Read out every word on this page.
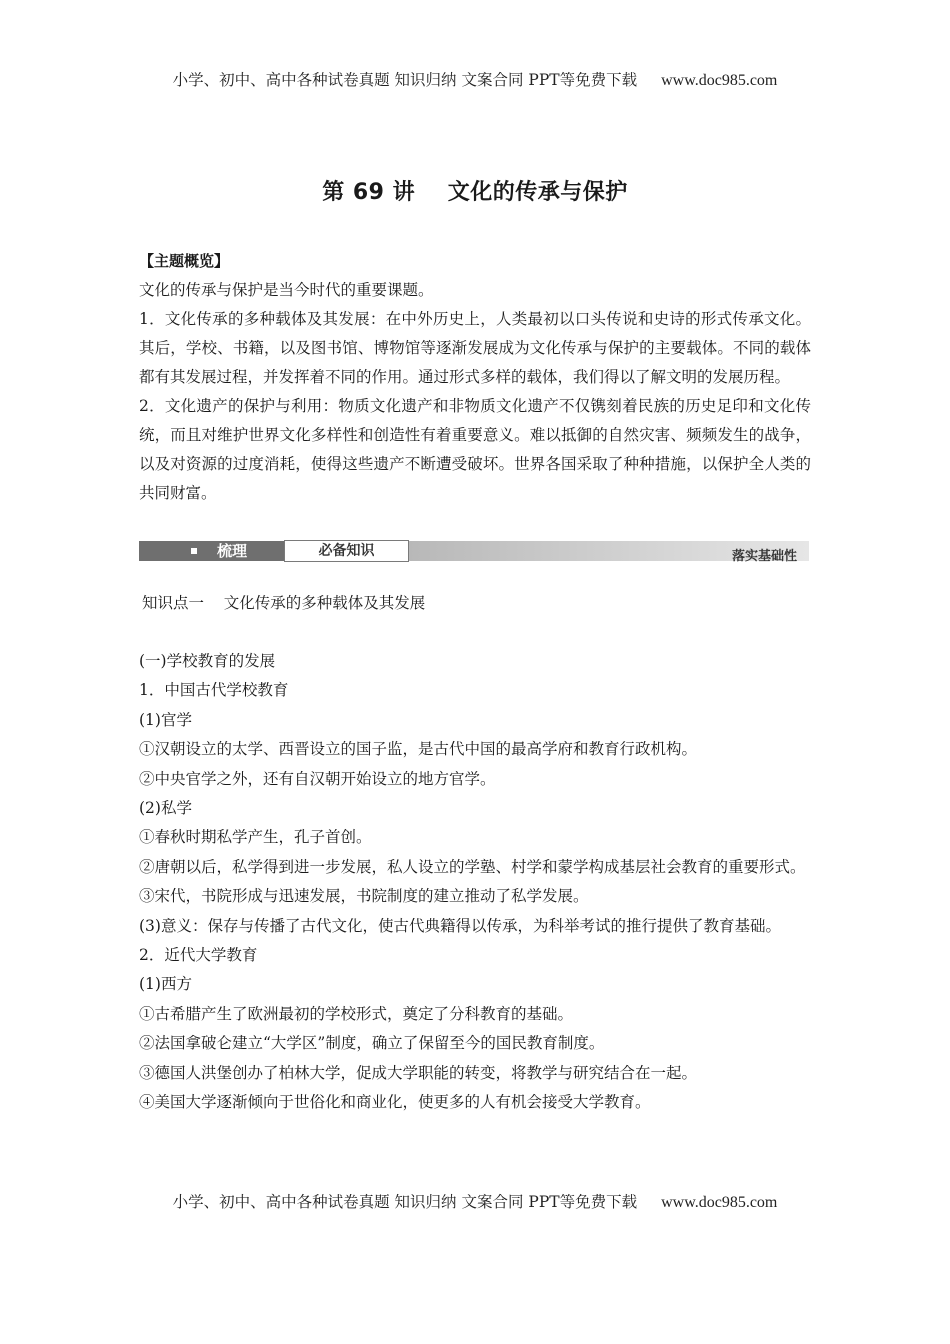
小学、初中、高中各种试卷真题 知识归纳 文案合同 PPT等免费下载 www.doc985.com
第 69 讲    文化的传承与保护

【主题概览】

文化的传承与保护是当今时代的重要课题。

1．文化传承的多种载体及其发展：在中外历史上，人类最初以口头传说和史诗的形式传承文化。其后，学校、书籍，以及图书馆、博物馆等逐渐发展成为文化传承与保护的主要载体。不同的载体都有其发展过程，并发挥着不同的作用。通过形式多样的载体，我们得以了解文明的发展历程。

2．文化遗产的保护与利用：物质文化遗产和非物质文化遗产不仅镌刻着民族的历史足印和文化传统，而且对维护世界文化多样性和创造性有着重要意义。难以抵御的自然灾害、频频发生的战争，以及对资源的过度消耗，使得这些遗产不断遭受破坏。世界各国采取了种种措施，以保护全人类的共同财富。

梳理	必备知识	落实基础性
知识点一    文化传承的多种载体及其发展

(一)学校教育的发展

1．中国古代学校教育

(1)官学

①汉朝设立的太学、西晋设立的国子监，是古代中国的最高学府和教育行政机构。

②中央官学之外，还有自汉朝开始设立的地方官学。

(2)私学

①春秋时期私学产生，孔子首创。

②唐朝以后，私学得到进一步发展，私人设立的学塾、村学和蒙学构成基层社会教育的重要形式。

③宋代，书院形成与迅速发展，书院制度的建立推动了私学发展。

(3)意义：保存与传播了古代文化，使古代典籍得以传承，为科举考试的推行提供了教育基础。

2．近代大学教育

(1)西方

①古希腊产生了欧洲最初的学校形式，奠定了分科教育的基础。

②法国拿破仑建立“大学区”制度，确立了保留至今的国民教育制度。

③德国人洪堡创办了柏林大学，促成大学职能的转变，将教学与研究结合在一起。

④美国大学逐渐倾向于世俗化和商业化，使更多的人有机会接受大学教育。

小学、初中、高中各种试卷真题 知识归纳 文案合同 PPT等免费下载 www.doc985.com
